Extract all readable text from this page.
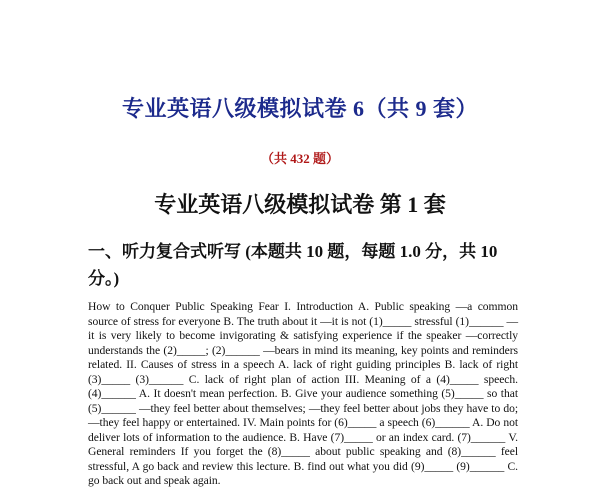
专业英语八级模拟试卷 6（共 9 套）
（共 432 题）
专业英语八级模拟试卷 第 1 套
一、听力复合式听写 (本题共 10 题，每题 1.0 分，共 10 分。)
How to Conquer Public Speaking Fear I. Introduction A. Public speaking —a common source of stress for everyone B. The truth about it —it is not (1)_____ stressful (1)______ —it is very likely to become invigorating & satisfying experience if the speaker —correctly understands the (2)_____; (2)______ —bears in mind its meaning, key points and reminders related. II. Causes of stress in a speech A. lack of right guiding principles B. lack of right (3)_____ (3)______ C. lack of right plan of action III. Meaning of a (4)_____ speech. (4)______ A. It doesn't mean perfection. B. Give your audience something (5)_____ so that (5)______ —they feel better about themselves; —they feel better about jobs they have to do; —they feel happy or entertained. IV. Main points for (6)_____ a speech (6)______ A. Do not deliver lots of information to the audience. B. Have (7)_____ or an index card. (7)______ V. General reminders If you forget the (8)_____ about public speaking and (8)______ feel stressful, A go back and review this lecture. B. find out what you did (9)_____ (9)______ C. go back out and speak again.
